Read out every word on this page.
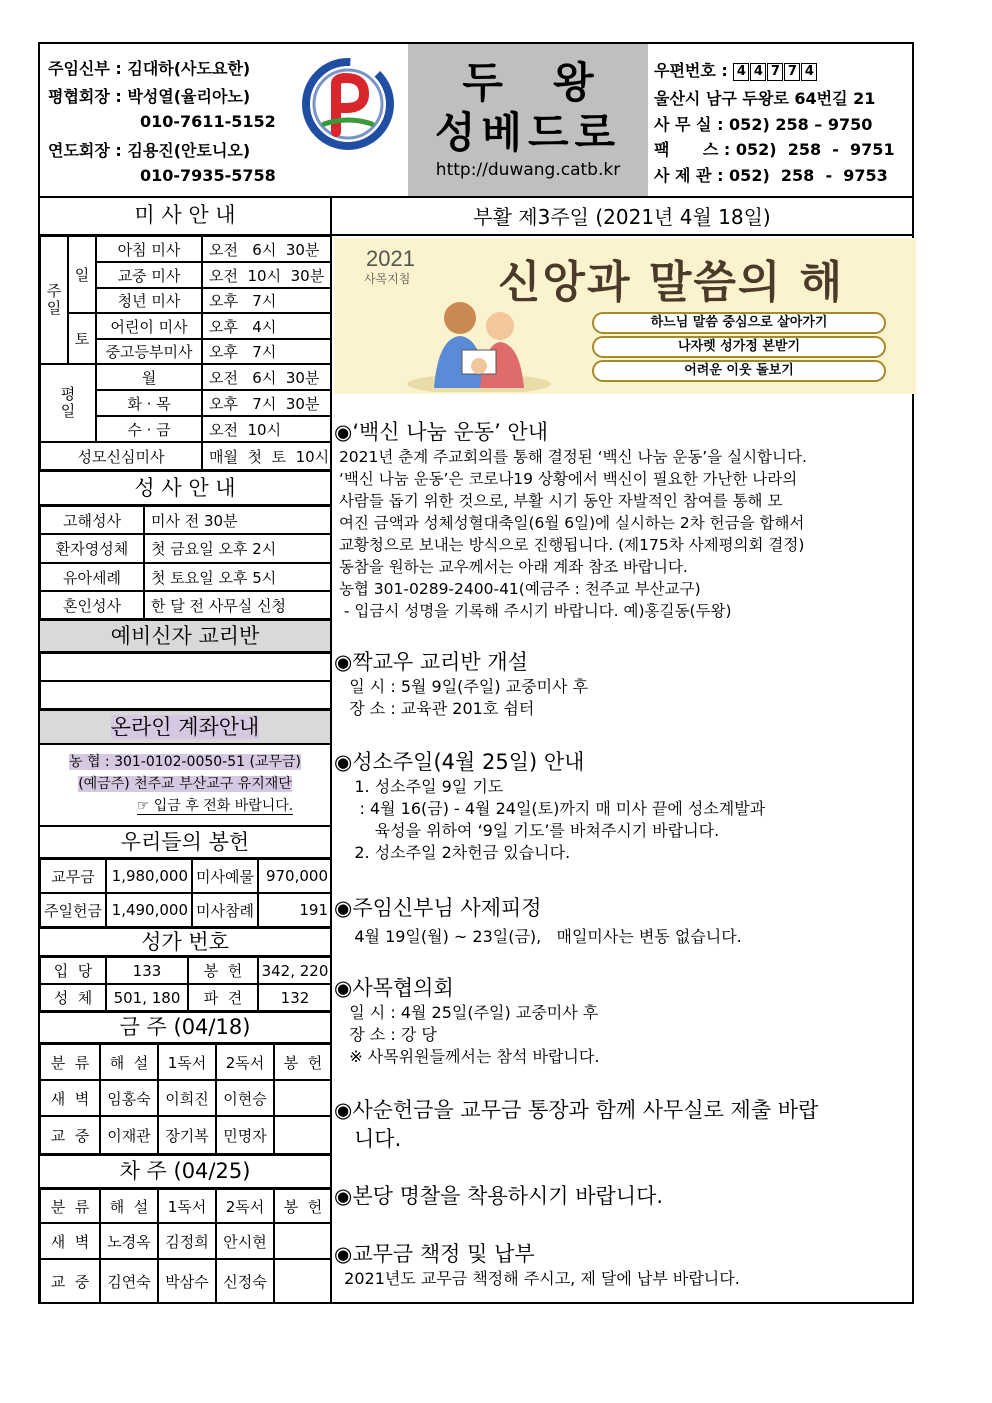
주임신부 : 김대하(사도요한)
평협회장 : 박성열(율리아노)
010-7611-5152
연도회장 : 김용진(안토니오)
010-7935-5758
두왕
성베드로
http://duwang.catb.kr
우편번호 : 4 4 7 7 4
울산시 남구 두왕로 64번길 21
사 무 실 : 052) 258 – 9750
팩      스 : 052)  258  -  9751
사 제 관 : 052)  258  -  9753
미 사 안 내
주일
일
토
평일
아침 미사	오전   6시  30분
교중 미사	오전  10시  30분
청년 미사	오후   7시
어린이 미사	오후   4시
중고등부미사	오후   7시
월	오전   6시  30분
화 · 목	오후   7시  30분
수 · 금	오전  10시
성모신심미사	매월  첫  토  10시
성 사 안 내
고해성사	미사 전 30분
환자영성체	첫 금요일 오후 2시
유아세례	첫 토요일 오후 5시
혼인성사	한 달 전 사무실 신청
예비신자 교리반
온라인 계좌안내
농 협 : 301-0102-0050-51 (교무금)
(예금주) 천주교 부산교구 유지재단
☞ 입금 후 전화 바랍니다.
우리들의 봉헌
교무금	1,980,000 미사예물 970,000
주일헌금 1,490,000 미사참례	191
성가 번호
입  당	133	봉  헌	342, 220
성  체	501, 180	파  견	132
금 주 (04/18)
분  류	해  설	1독서	2독서	봉  헌
새  벽	임홍숙 이희진 이현승
교  중	이재관 장기복 민명자
차 주 (04/25)
분  류	해  설	1독서	2독서	봉  헌
새  벽	노경옥 김정희 안시현
교  중	김연숙 박삼수 신정숙
부활 제3주일 (2021년 4월 18일)
2021
사목지침 신앙과 말씀의 해
하느님 말씀 중심으로 살아가기
나자렛 성가정 본받기
어려운 이웃 돌보기
◉‘백신 나눔 운동’ 안내
2021년 춘계 주교회의를 통해 결정된 ‘백신 나눔 운동’을 실시합니다.
‘백신 나눔 운동’은 코로나19 상황에서 백신이 필요한 가난한 나라의
사람들 돕기 위한 것으로, 부활 시기 동안 자발적인 참여를 통해 모
여진 금액과 성체성혈대축일(6월 6일)에 실시하는 2차 헌금을 합해서
교황청으로 보내는 방식으로 진행됩니다. (제175차 사제평의회 결정)
동참을 원하는 교우께서는 아래 계좌 참조 바랍니다.
농협 301-0289-2400-41(예금주 : 천주교 부산교구)
- 입금시 성명을 기록해 주시기 바랍니다. 예)홍길동(두왕)
◉짝교우 교리반 개설
일 시 : 5월 9일(주일) 교중미사 후
장 소 : 교육관 201호 쉼터
◉성소주일(4월 25일) 안내
1. 성소주일 9일 기도
: 4월 16(금) - 4월 24일(토)까지 매 미사 끝에 성소계발과
육성을 위하여 ‘9일 기도’를 바쳐주시기 바랍니다.
2. 성소주일 2차헌금 있습니다.
◉주임신부님 사제피정
4월 19일(월) ~ 23일(금),   매일미사는 변동 없습니다.
◉사목협의회
일 시 : 4월 25일(주일) 교중미사 후
장 소 : 강 당
※ 사목위원들께서는 참석 바랍니다.
◉사순헌금을 교무금 통장과 함께 사무실로 제출 바랍
니다.
◉본당 명찰을 착용하시기 바랍니다.
◉교무금 책정 및 납부
2021년도 교무금 책정해 주시고, 제 달에 납부 바랍니다.
